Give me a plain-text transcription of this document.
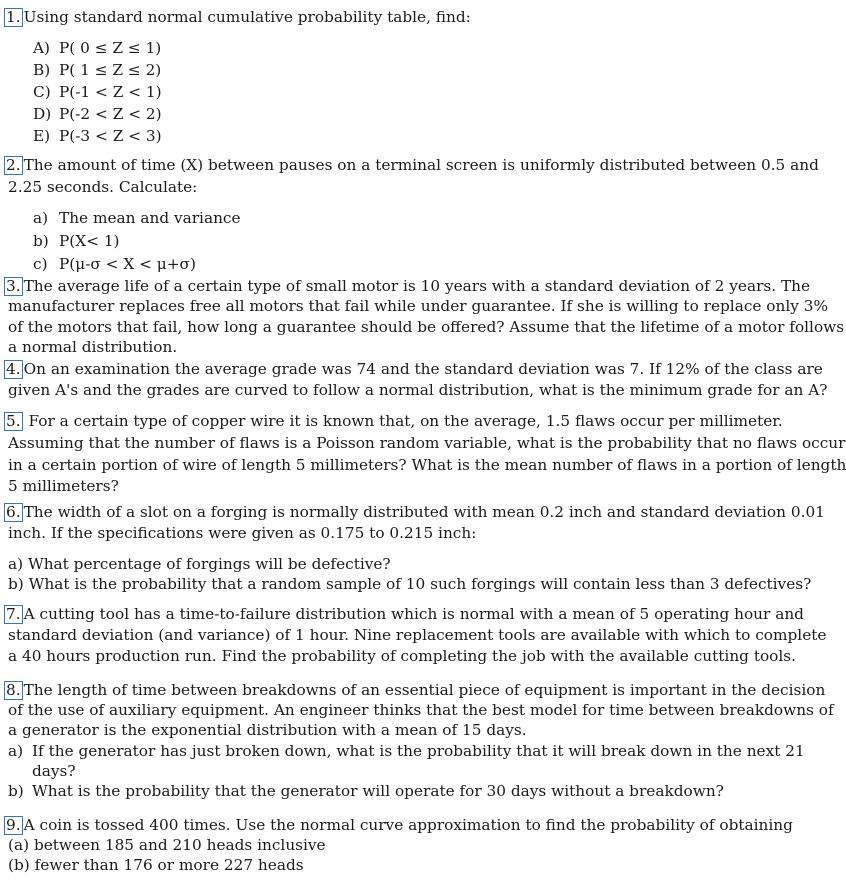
1. Using standard normal cumulative probability table, find:
A) P( 0 ≤ Z ≤ 1)
B) P( 1 ≤ Z ≤ 2)
C) P(-1 < Z < 1)
D) P(-2 < Z < 2)
E) P(-3 < Z < 3)
2. The amount of time (X) between pauses on a terminal screen is uniformly distributed between 0.5 and
2.25 seconds. Calculate:
a) The mean and variance
b) P(X< 1)
c) P(μ-σ < X < μ+σ)
3. The average life of a certain type of small motor is 10 years with a standard deviation of 2 years. The
manufacturer replaces free all motors that fail while under guarantee. If she is willing to replace only 3%
of the motors that fail, how long a guarantee should be offered? Assume that the lifetime of a motor follows
a normal distribution.
4. On an examination the average grade was 74 and the standard deviation was 7. If 12% of the class are
given A's and the grades are curved to follow a normal distribution, what is the minimum grade for an A?
5. For a certain type of copper wire it is known that, on the average, 1.5 flaws occur per millimeter.
Assuming that the number of flaws is a Poisson random variable, what is the probability that no flaws occur
in a certain portion of wire of length 5 millimeters? What is the mean number of flaws in a portion of length
5 millimeters?
6. The width of a slot on a forging is normally distributed with mean 0.2 inch and standard deviation 0.01
inch. If the specifications were given as 0.175 to 0.215 inch:
a) What percentage of forgings will be defective?
b) What is the probability that a random sample of 10 such forgings will contain less than 3 defectives?
7. A cutting tool has a time-to-failure distribution which is normal with a mean of 5 operating hour and
standard deviation (and variance) of 1 hour. Nine replacement tools are available with which to complete
a 40 hours production run. Find the probability of completing the job with the available cutting tools.
8. The length of time between breakdowns of an essential piece of equipment is important in the decision
of the use of auxiliary equipment. An engineer thinks that the best model for time between breakdowns of
a generator is the exponential distribution with a mean of 15 days.
a) If the generator has just broken down, what is the probability that it will break down in the next 21
days?
b) What is the probability that the generator will operate for 30 days without a breakdown?
9. A coin is tossed 400 times. Use the normal curve approximation to find the probability of obtaining
(a) between 185 and 210 heads inclusive
(b) fewer than 176 or more 227 heads
